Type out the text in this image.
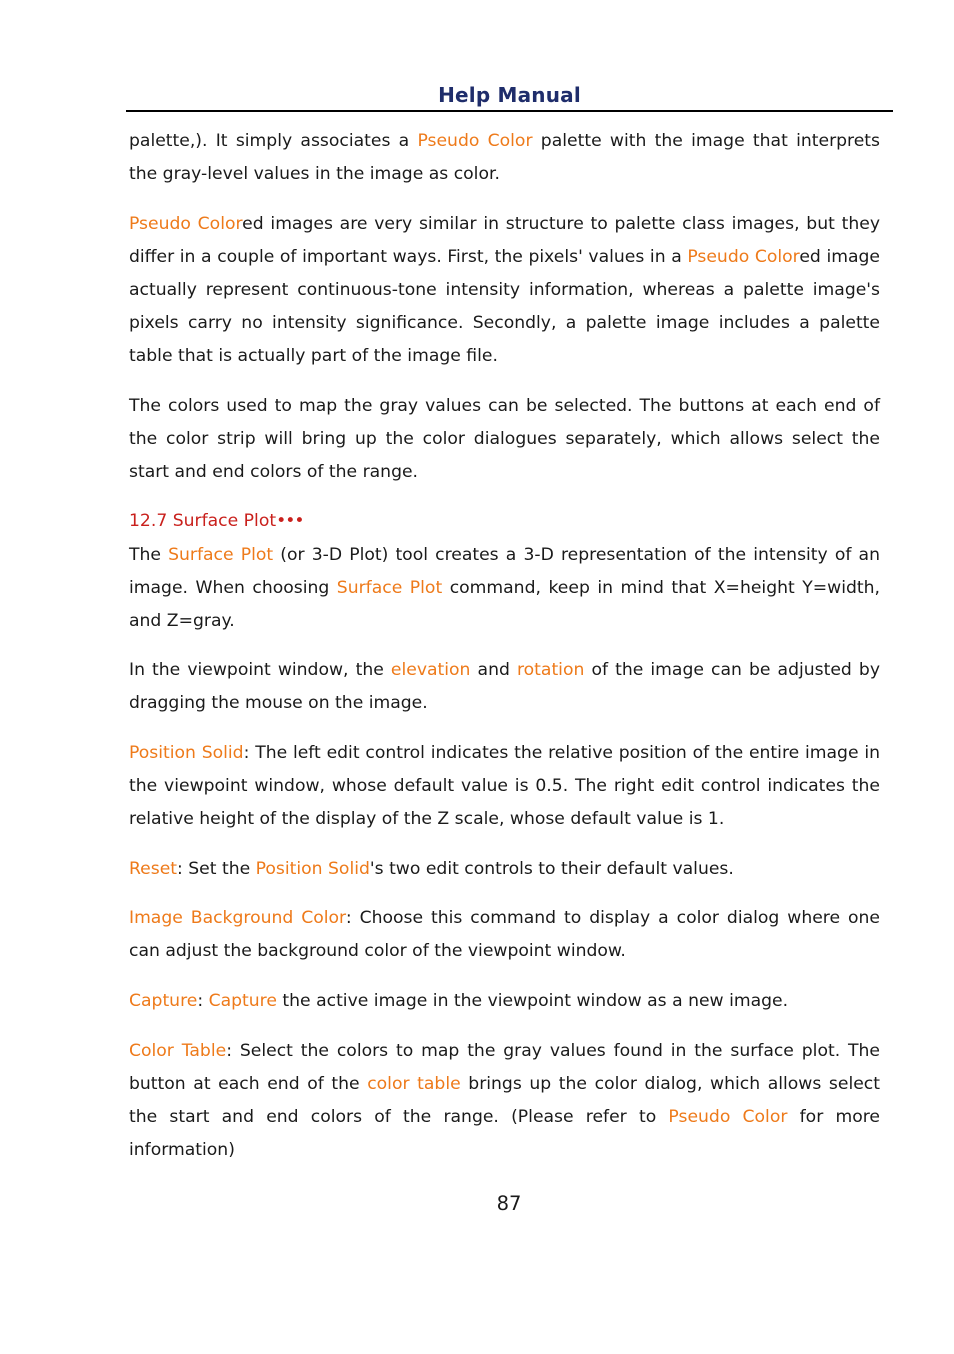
Help Manual

palette,). It simply associates a Pseudo Color palette with the image that interprets the gray-level values in the image as color.

Pseudo Colored images are very similar in structure to palette class images, but they differ in a couple of important ways. First, the pixels' values in a Pseudo Colored image actually represent continuous-tone intensity information, whereas a palette image's pixels carry no intensity significance. Secondly, a palette image includes a palette table that is actually part of the image file.

The colors used to map the gray values can be selected. The buttons at each end of the color strip will bring up the color dialogues separately, which allows select the start and end colors of the range.

12.7 Surface Plot•••

The Surface Plot (or 3-D Plot) tool creates a 3-D representation of the intensity of an image. When choosing Surface Plot command, keep in mind that X=height Y=width, and Z=gray.

In the viewpoint window, the elevation and rotation of the image can be adjusted by dragging the mouse on the image.

Position Solid: The left edit control indicates the relative position of the entire image in the viewpoint window, whose default value is 0.5. The right edit control indicates the relative height of the display of the Z scale, whose default value is 1.

Reset: Set the Position Solid's two edit controls to their default values.

Image Background Color: Choose this command to display a color dialog where one can adjust the background color of the viewpoint window.

Capture: Capture the active image in the viewpoint window as a new image.

Color Table: Select the colors to map the gray values found in the surface plot. The button at each end of the color table brings up the color dialog, which allows select the start and end colors of the range. (Please refer to Pseudo Color for more information)

87
